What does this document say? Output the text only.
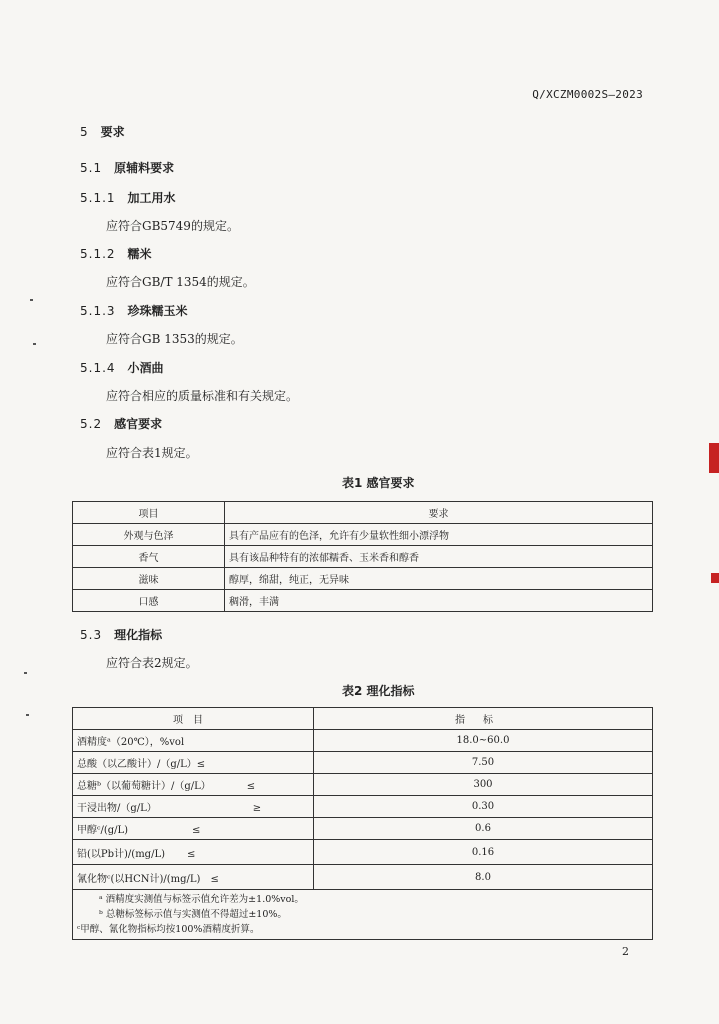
Q/XCZM0002S—2023
5 要求
5.1 原辅料要求
5.1.1 加工用水
应符合GB5749的规定。
5.1.2 糯米
应符合GB/T 1354的规定。
5.1.3 珍珠糯玉米
应符合GB 1353的规定。
5.1.4 小酒曲
应符合相应的质量标准和有关规定。
5.2 感官要求
应符合表1规定。
表1 感官要求
项目	要求
外观与色泽	具有产品应有的色泽，允许有少量软性细小漂浮物
香气	具有该品种特有的浓郁糯香、玉米香和醇香
滋味	醇厚，绵甜，纯正，无异味
口感	稠滑，丰满
5.3 理化指标
应符合表2规定。
表2 理化指标
项目	指标
酒精度ᵃ（20℃），%vol	18.0~60.0
总酸（以乙酸计）/（g/L）≤	7.50
总糖ᵇ（以葡萄糖计）/（g/L） ≤	300
干浸出物/（g/L） ≥	0.30
甲醇ᶜ/(g/L) ≤	0.6
铅(以Pb计)/(mg/L) ≤	0.16
氰化物ᶜ(以HCN计)/(mg/L) ≤	8.0

ᵃ 酒精度实测值与标签示值允许差为±1.0%vol。
ᵇ 总糖标签标示值与实测值不得超过±10%。
ᶜ甲醇、氰化物指标均按100%酒精度折算。	
2
